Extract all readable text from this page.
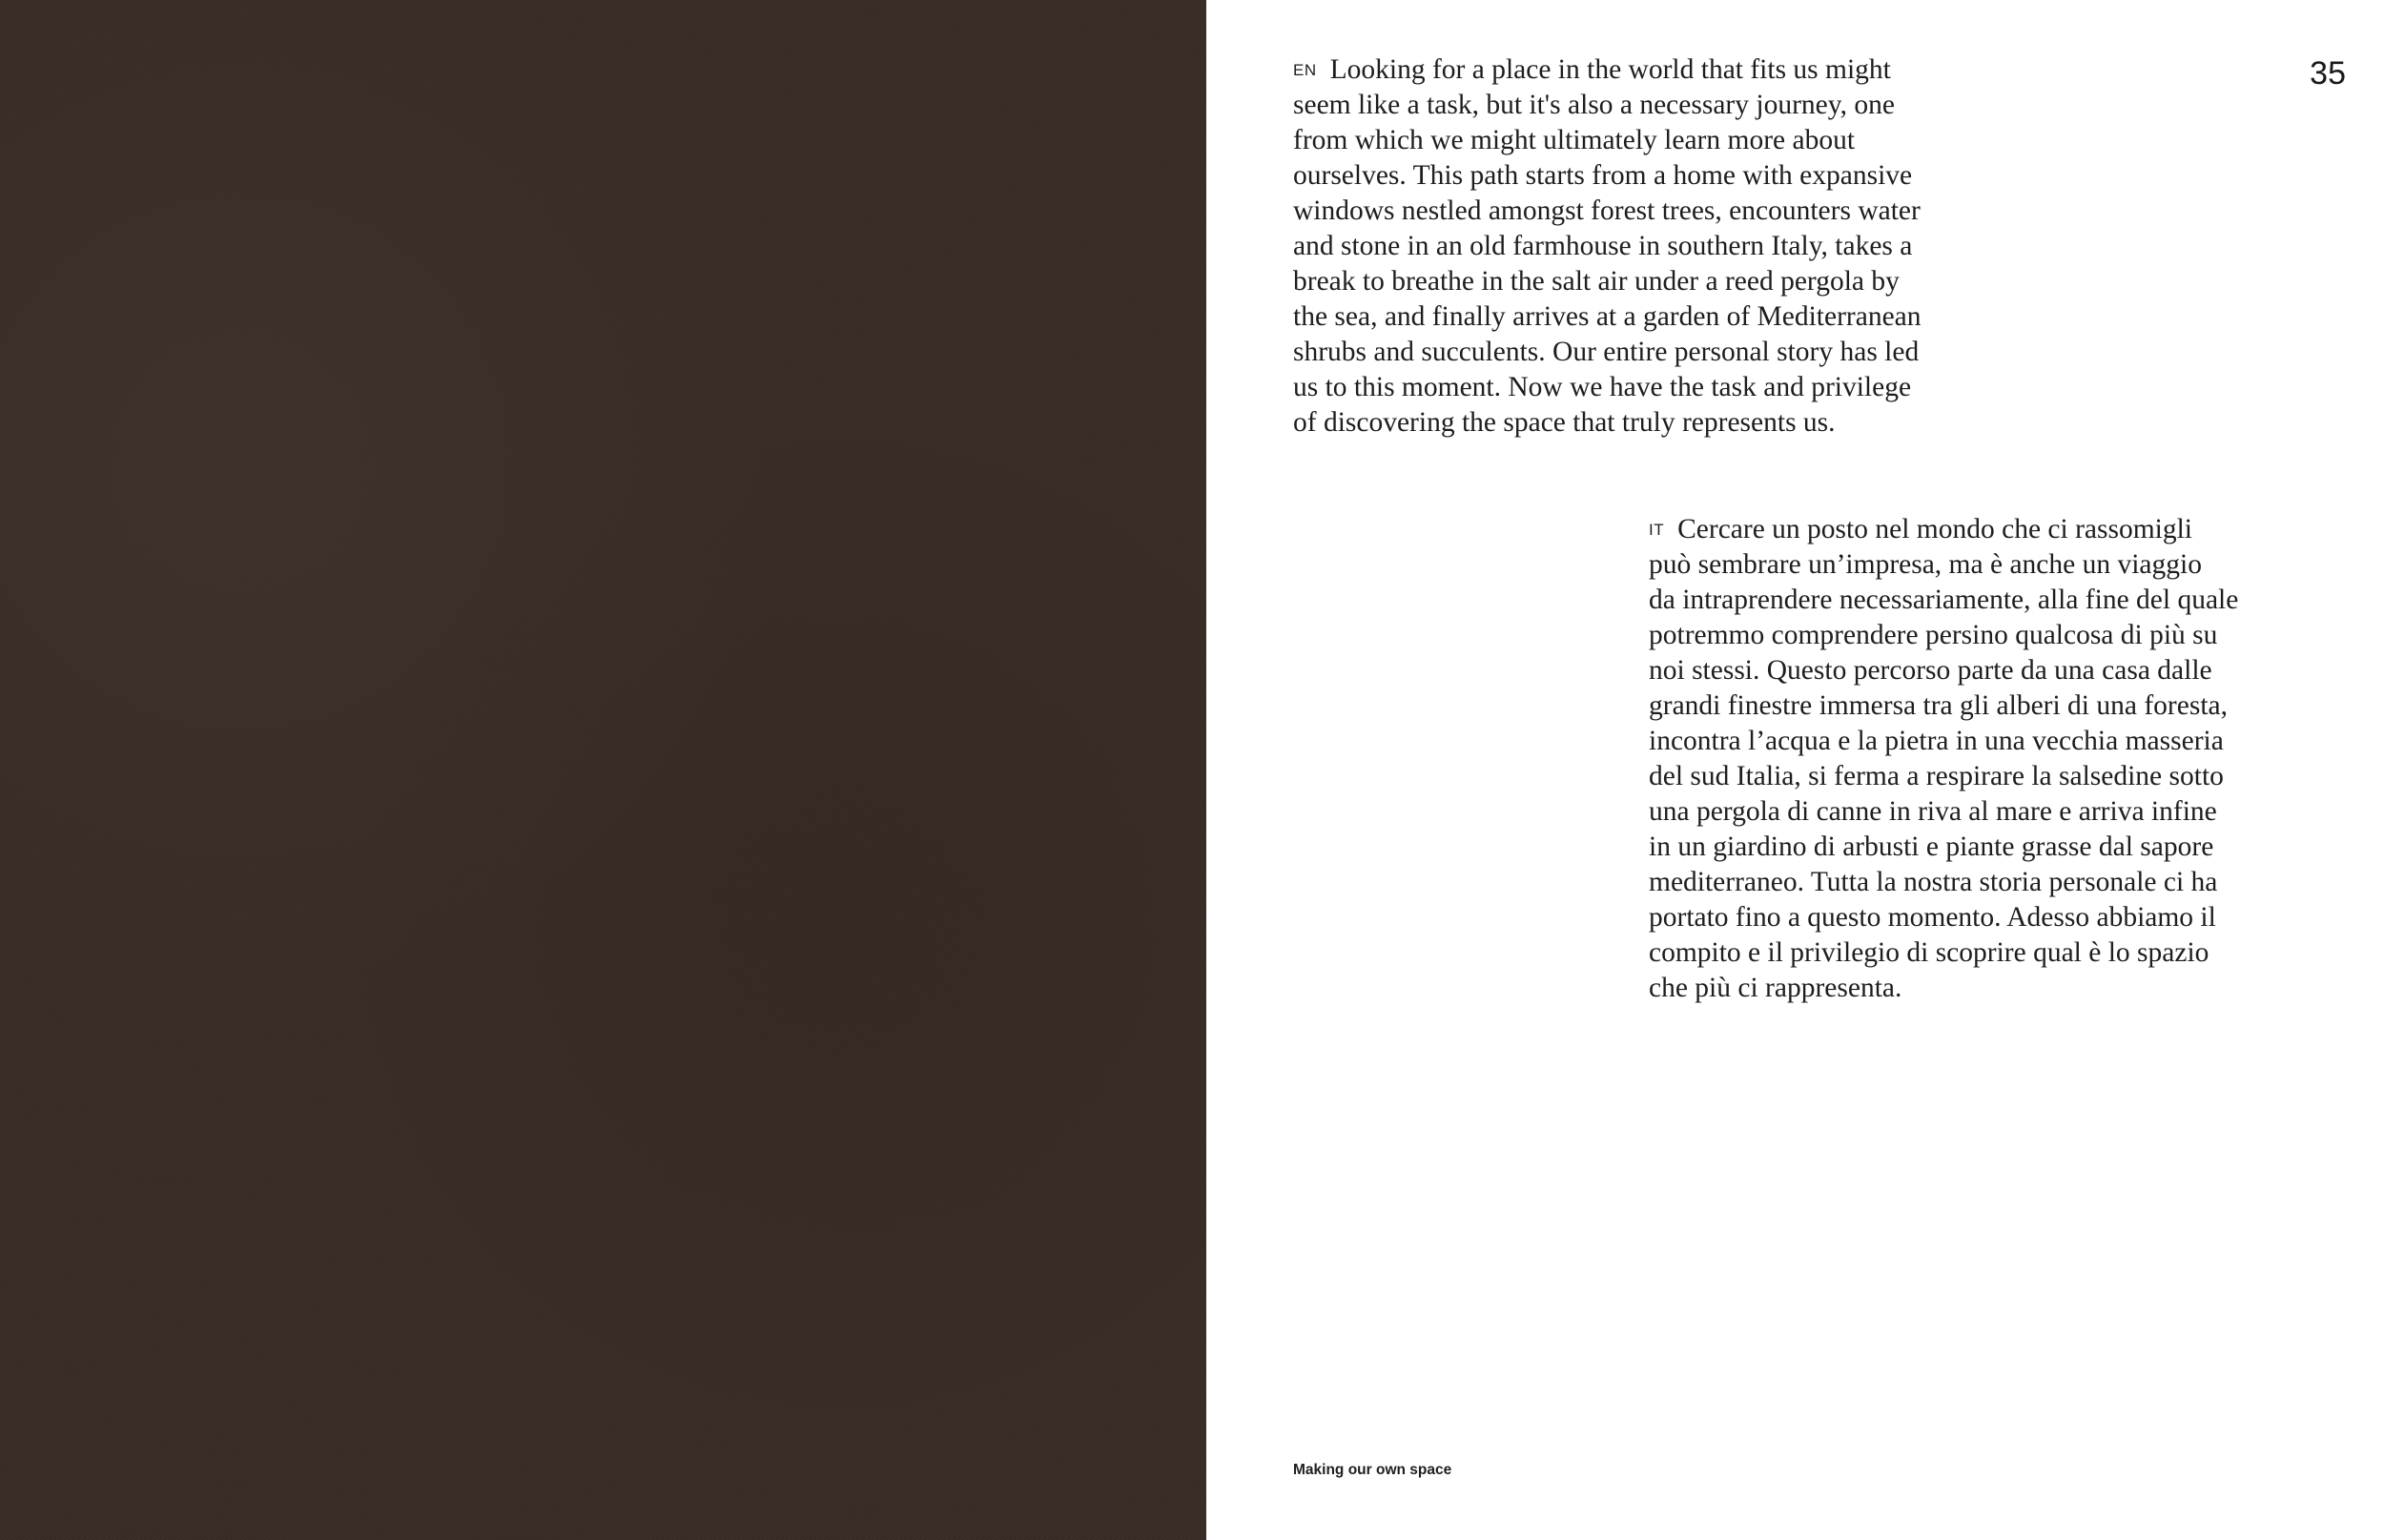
35
EN Looking for a place in the world that fits us might
seem like a task, but it's also a necessary journey, one
from which we might ultimately learn more about
ourselves. This path starts from a home with expansive
windows nestled amongst forest trees, encounters water
and stone in an old farmhouse in southern Italy, takes a
break to breathe in the salt air under a reed pergola by
the sea, and finally arrives at a garden of Mediterranean
shrubs and succulents. Our entire personal story has led
us to this moment. Now we have the task and privilege
of discovering the space that truly represents us.
IT Cercare un posto nel mondo che ci rassomigli
può sembrare un’impresa, ma è anche un viaggio
da intraprendere necessariamente, alla fine del quale
potremmo comprendere persino qualcosa di più su
noi stessi. Questo percorso parte da una casa dalle
grandi finestre immersa tra gli alberi di una foresta,
incontra l’acqua e la pietra in una vecchia masseria
del sud Italia, si ferma a respirare la salsedine sotto
una pergola di canne in riva al mare e arriva infine
in un giardino di arbusti e piante grasse dal sapore
mediterraneo. Tutta la nostra storia personale ci ha
portato fino a questo momento. Adesso abbiamo il
compito e il privilegio di scoprire qual è lo spazio
che più ci rappresenta.
Making our own space
